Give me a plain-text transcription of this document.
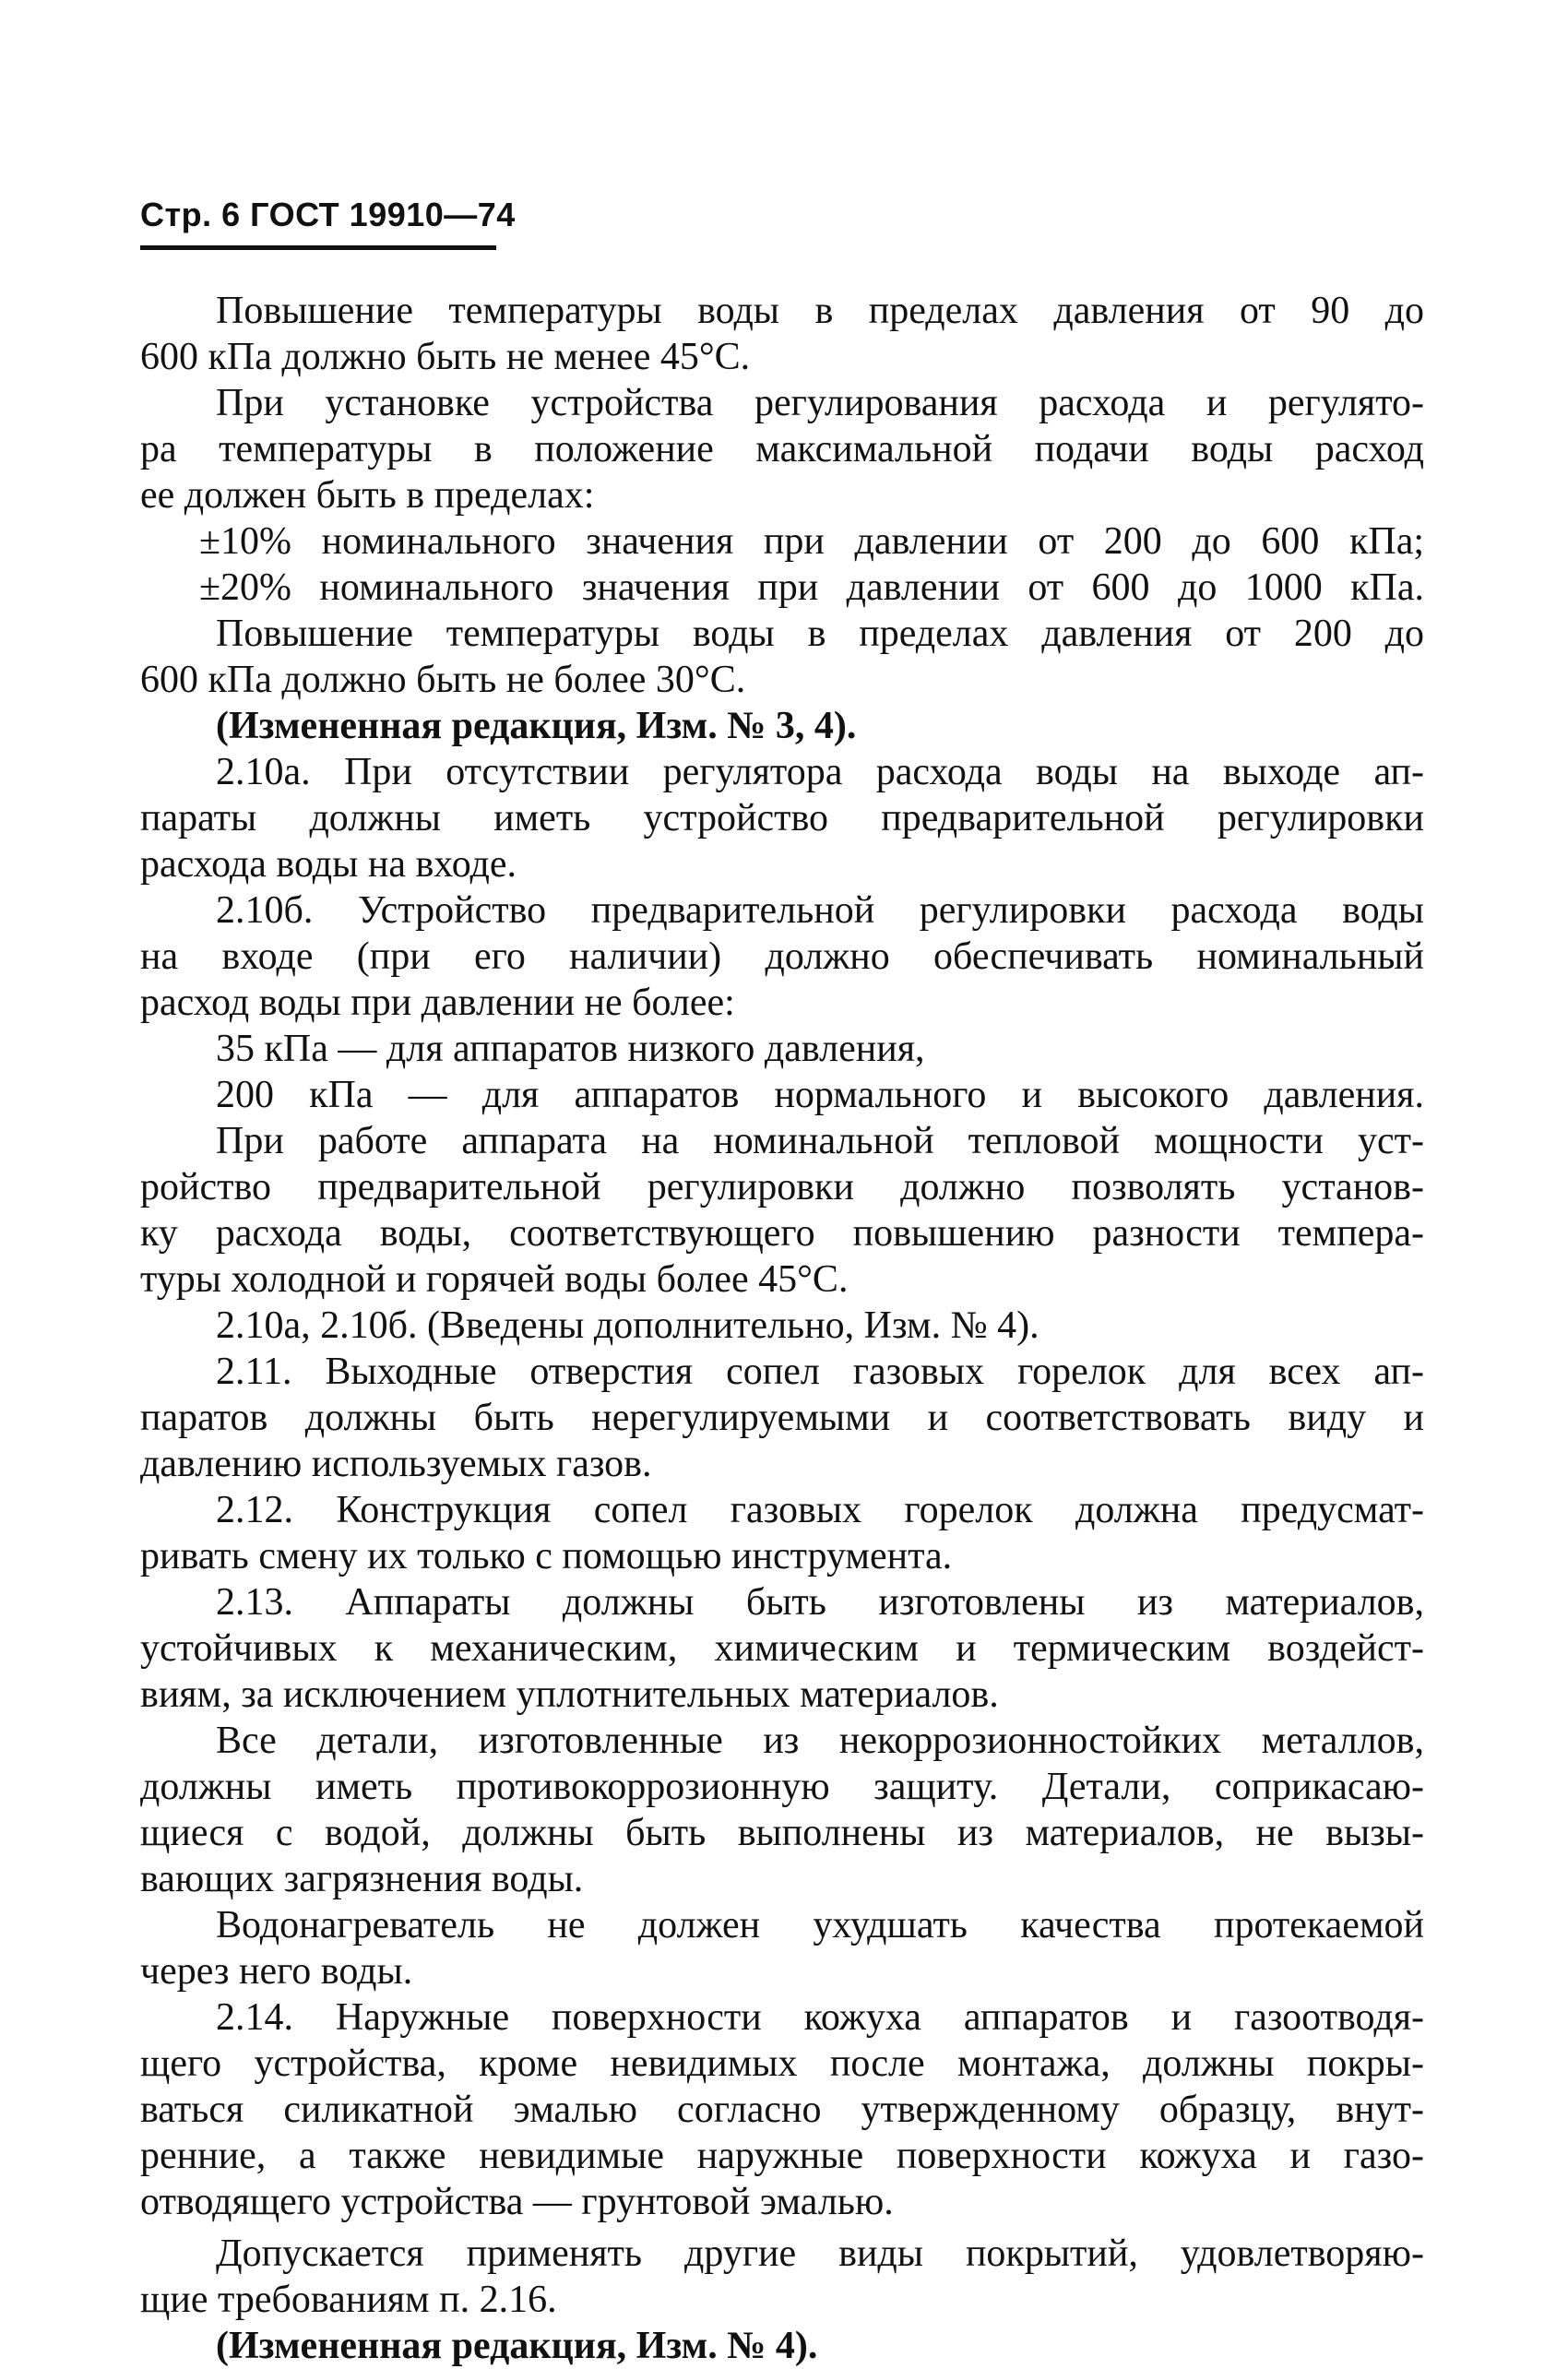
Стр. 6 ГОСТ 19910—74
Повышение температуры воды в пределах давления от 90 до
600 кПа должно быть не менее 45°С.
При установке устройства регулирования расхода и регулято-
ра температуры в положение максимальной подачи воды расход
ее должен быть в пределах:
±10% номинального значения при давлении от 200 до 600 кПа;
±20% номинального значения при давлении от 600 до 1000 кПа.
Повышение температуры воды в пределах давления от 200 до
600 кПа должно быть не более 30°С.
(Измененная редакция, Изм. № 3, 4).
2.10а. При отсутствии регулятора расхода воды на выходе ап-
параты должны иметь устройство предварительной регулировки
расхода воды на входе.
2.10б. Устройство предварительной регулировки расхода воды
на входе (при его наличии) должно обеспечивать номинальный
расход воды при давлении не более:
35 кПа — для аппаратов низкого давления,
200 кПа — для аппаратов нормального и высокого давления.
При работе аппарата на номинальной тепловой мощности уст-
ройство предварительной регулировки должно позволять установ-
ку расхода воды, соответствующего повышению разности темпера-
туры холодной и горячей воды более 45°С.
2.10а, 2.10б. (Введены дополнительно, Изм. № 4).
2.11. Выходные отверстия сопел газовых горелок для всех ап-
паратов должны быть нерегулируемыми и соответствовать виду и
давлению используемых газов.
2.12. Конструкция сопел газовых горелок должна предусмат-
ривать смену их только с помощью инструмента.
2.13. Аппараты должны быть изготовлены из материалов,
устойчивых к механическим, химическим и термическим воздейст-
виям, за исключением уплотнительных материалов.
Все детали, изготовленные из некоррозионностойких металлов,
должны иметь противокоррозионную защиту. Детали, соприкасаю-
щиеся с водой, должны быть выполнены из материалов, не вызы-
вающих загрязнения воды.
Водонагреватель не должен ухудшать качества протекаемой
через него воды.
2.14. Наружные поверхности кожуха аппаратов и газоотводя-
щего устройства, кроме невидимых после монтажа, должны покры-
ваться силикатной эмалью согласно утвержденному образцу, внут-
ренние, а также невидимые наружные поверхности кожуха и газо-
отводящего устройства — грунтовой эмалью.
Допускается применять другие виды покрытий, удовлетворяю-
щие требованиям п. 2.16.
(Измененная редакция, Изм. № 4).
